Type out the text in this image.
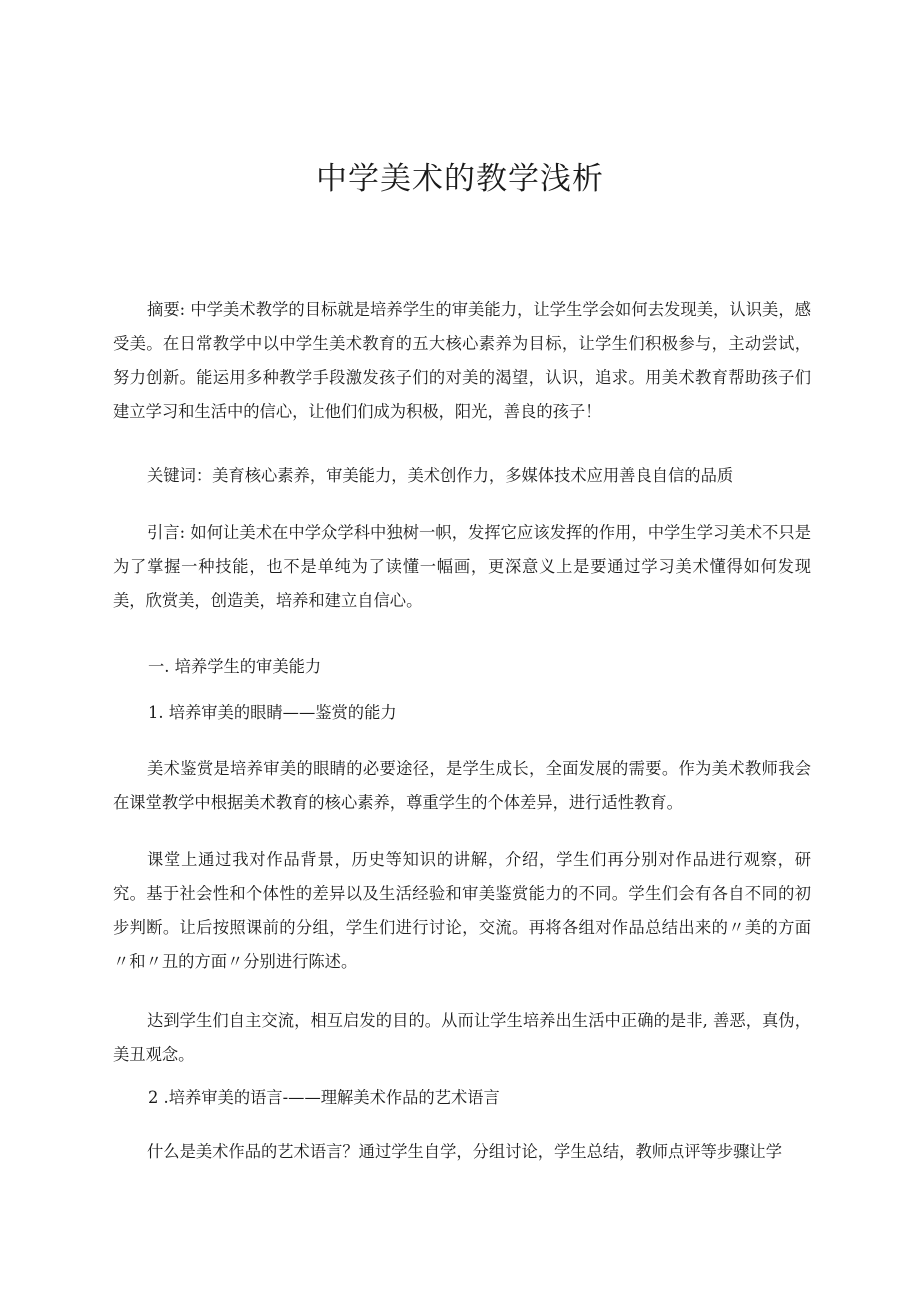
中学美术的教学浅析

摘要: 中学美术教学的目标就是培养学生的审美能力，让学生学会如何去发现美，认识美，感受美。在日常教学中以中学生美术教育的五大核心素养为目标，让学生们积极参与，主动尝试，努力创新。能运用多种教学手段激发孩子们的对美的渴望，认识，追求。用美术教育帮助孩子们建立学习和生活中的信心，让他们们成为积极，阳光，善良的孩子！

关键词：美育核心素养，审美能力，美术创作力，多媒体技术应用善良自信的品质

引言: 如何让美术在中学众学科中独树一帜，发挥它应该发挥的作用，中学生学习美术不只是为了掌握一种技能，也不是单纯为了读懂一幅画，更深意义上是要通过学习美术懂得如何发现美，欣赏美，创造美，培养和建立自信心。

一. 培养学生的审美能力

1. 培养审美的眼睛——鉴赏的能力

美术鉴赏是培养审美的眼睛的必要途径，是学生成长，全面发展的需要。作为美术教师我会在课堂教学中根据美术教育的核心素养，尊重学生的个体差异，进行适性教育。

课堂上通过我对作品背景，历史等知识的讲解，介绍，学生们再分别对作品进行观察，研究。基于社会性和个体性的差异以及生活经验和审美鉴赏能力的不同。学生们会有各自不同的初步判断。让后按照课前的分组，学生们进行讨论，交流。再将各组对作品总结出来的〃美的方面〃和〃丑的方面〃分别进行陈述。

达到学生们自主交流，相互启发的目的。从而让学生培养出生活中正确的是非, 善恶，真伪，美丑观念。

2 .培养审美的语言-——理解美术作品的艺术语言

什么是美术作品的艺术语言？通过学生自学，分组讨论，学生总结，教师点评等步骤让学
